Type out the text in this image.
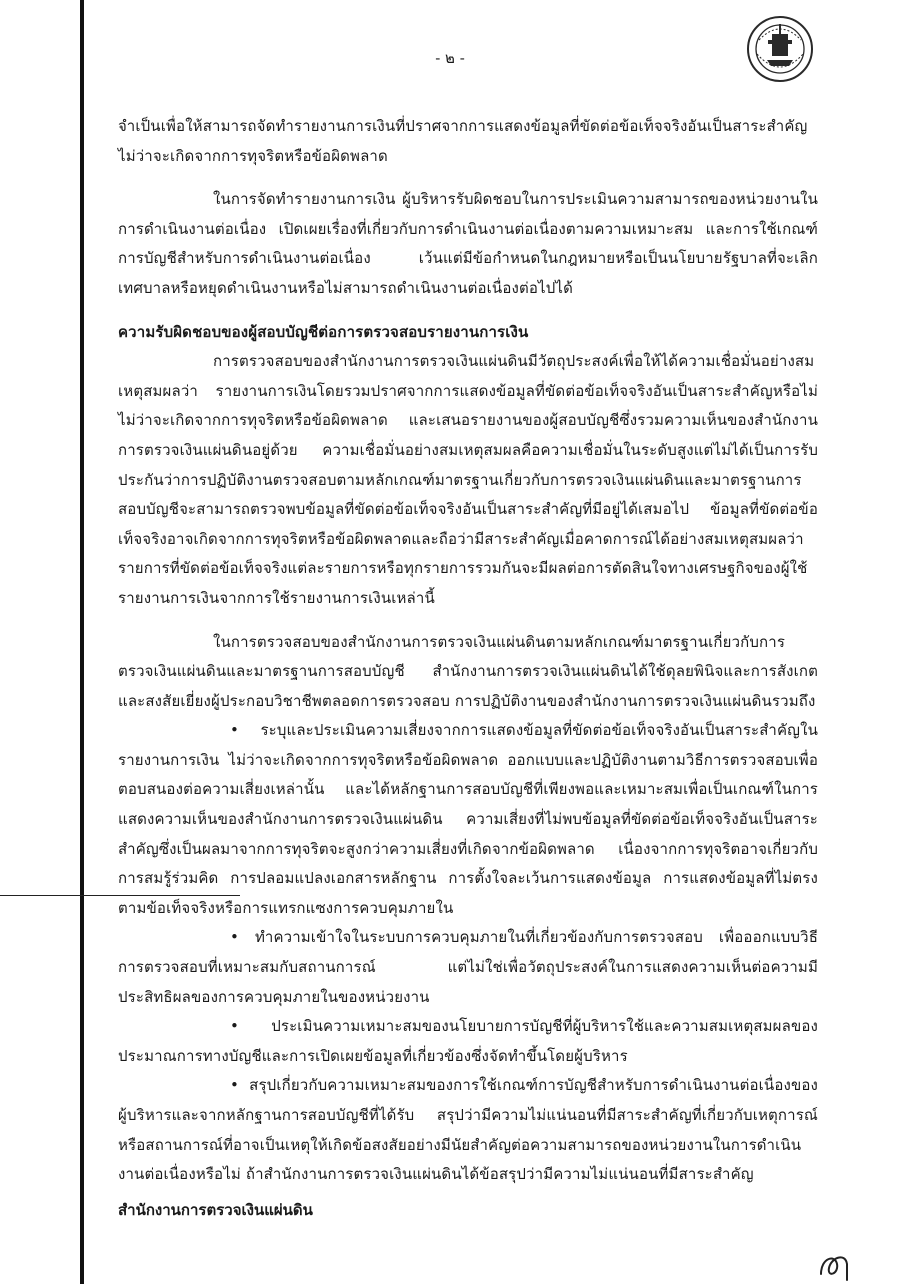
- ๒ -

จำเป็นเพื่อให้สามารถจัดทำรายงานการเงินที่ปราศจากการแสดงข้อมูลที่ขัดต่อข้อเท็จจริงอันเป็นสาระสำคัญ ไม่ว่าจะเกิดจากการทุจริตหรือข้อผิดพลาด

ในการจัดทำรายงานการเงิน ผู้บริหารรับผิดชอบในการประเมินความสามารถของหน่วยงานในการดำเนินงานต่อเนื่อง เปิดเผยเรื่องที่เกี่ยวกับการดำเนินงานต่อเนื่องตามความเหมาะสม และการใช้เกณฑ์การบัญชีสำหรับการดำเนินงานต่อเนื่อง เว้นแต่มีข้อกำหนดในกฎหมายหรือเป็นนโยบายรัฐบาลที่จะเลิกเทศบาลหรือหยุดดำเนินงานหรือไม่สามารถดำเนินงานต่อเนื่องต่อไปได้

ความรับผิดชอบของผู้สอบบัญชีต่อการตรวจสอบรายงานการเงิน

การตรวจสอบของสำนักงานการตรวจเงินแผ่นดินมีวัตถุประสงค์เพื่อให้ได้ความเชื่อมั่นอย่างสมเหตุสมผลว่า รายงานการเงินโดยรวมปราศจากการแสดงข้อมูลที่ขัดต่อข้อเท็จจริงอันเป็นสาระสำคัญหรือไม่ ไม่ว่าจะเกิดจากการทุจริตหรือข้อผิดพลาด และเสนอรายงานของผู้สอบบัญชีซึ่งรวมความเห็นของสำนักงานการตรวจเงินแผ่นดินอยู่ด้วย ความเชื่อมั่นอย่างสมเหตุสมผลคือความเชื่อมั่นในระดับสูงแต่ไม่ได้เป็นการรับประกันว่าการปฏิบัติงานตรวจสอบตามหลักเกณฑ์มาตรฐานเกี่ยวกับการตรวจเงินแผ่นดินและมาตรฐานการสอบบัญชีจะสามารถตรวจพบข้อมูลที่ขัดต่อข้อเท็จจริงอันเป็นสาระสำคัญที่มีอยู่ได้เสมอไป ข้อมูลที่ขัดต่อข้อเท็จจริงอาจเกิดจากการทุจริตหรือข้อผิดพลาดและถือว่ามีสาระสำคัญเมื่อคาดการณ์ได้อย่างสมเหตุสมผลว่ารายการที่ขัดต่อข้อเท็จจริงแต่ละรายการหรือทุกรายการรวมกันจะมีผลต่อการตัดสินใจทางเศรษฐกิจของผู้ใช้รายงานการเงินจากการใช้รายงานการเงินเหล่านี้

ในการตรวจสอบของสำนักงานการตรวจเงินแผ่นดินตามหลักเกณฑ์มาตรฐานเกี่ยวกับการตรวจเงินแผ่นดินและมาตรฐานการสอบบัญชี สำนักงานการตรวจเงินแผ่นดินได้ใช้ดุลยพินิจและการสังเกตและสงสัยเยี่ยงผู้ประกอบวิชาชีพตลอดการตรวจสอบ การปฏิบัติงานของสำนักงานการตรวจเงินแผ่นดินรวมถึง

• ระบุและประเมินความเสี่ยงจากการแสดงข้อมูลที่ขัดต่อข้อเท็จจริงอันเป็นสาระสำคัญในรายงานการเงิน ไม่ว่าจะเกิดจากการทุจริตหรือข้อผิดพลาด ออกแบบและปฏิบัติงานตามวิธีการตรวจสอบเพื่อตอบสนองต่อความเสี่ยงเหล่านั้น และได้หลักฐานการสอบบัญชีที่เพียงพอและเหมาะสมเพื่อเป็นเกณฑ์ในการแสดงความเห็นของสำนักงานการตรวจเงินแผ่นดิน ความเสี่ยงที่ไม่พบข้อมูลที่ขัดต่อข้อเท็จจริงอันเป็นสาระสำคัญซึ่งเป็นผลมาจากการทุจริตจะสูงกว่าความเสี่ยงที่เกิดจากข้อผิดพลาด เนื่องจากการทุจริตอาจเกี่ยวกับการสมรู้ร่วมคิด การปลอมแปลงเอกสารหลักฐาน การตั้งใจละเว้นการแสดงข้อมูล การแสดงข้อมูลที่ไม่ตรงตามข้อเท็จจริงหรือการแทรกแซงการควบคุมภายใน

• ทำความเข้าใจในระบบการควบคุมภายในที่เกี่ยวข้องกับการตรวจสอบ เพื่อออกแบบวิธีการตรวจสอบที่เหมาะสมกับสถานการณ์ แต่ไม่ใช่เพื่อวัตถุประสงค์ในการแสดงความเห็นต่อความมีประสิทธิผลของการควบคุมภายในของหน่วยงาน

• ประเมินความเหมาะสมของนโยบายการบัญชีที่ผู้บริหารใช้และความสมเหตุสมผลของประมาณการทางบัญชีและการเปิดเผยข้อมูลที่เกี่ยวข้องซึ่งจัดทำขึ้นโดยผู้บริหาร

• สรุปเกี่ยวกับความเหมาะสมของการใช้เกณฑ์การบัญชีสำหรับการดำเนินงานต่อเนื่องของผู้บริหารและจากหลักฐานการสอบบัญชีที่ได้รับ สรุปว่ามีความไม่แน่นอนที่มีสาระสำคัญที่เกี่ยวกับเหตุการณ์หรือสถานการณ์ที่อาจเป็นเหตุให้เกิดข้อสงสัยอย่างมีนัยสำคัญต่อความสามารถของหน่วยงานในการดำเนินงานต่อเนื่องหรือไม่ ถ้าสำนักงานการตรวจเงินแผ่นดินได้ข้อสรุปว่ามีความไม่แน่นอนที่มีสาระสำคัญ

สำนักงานการตรวจเงินแผ่นดิน
